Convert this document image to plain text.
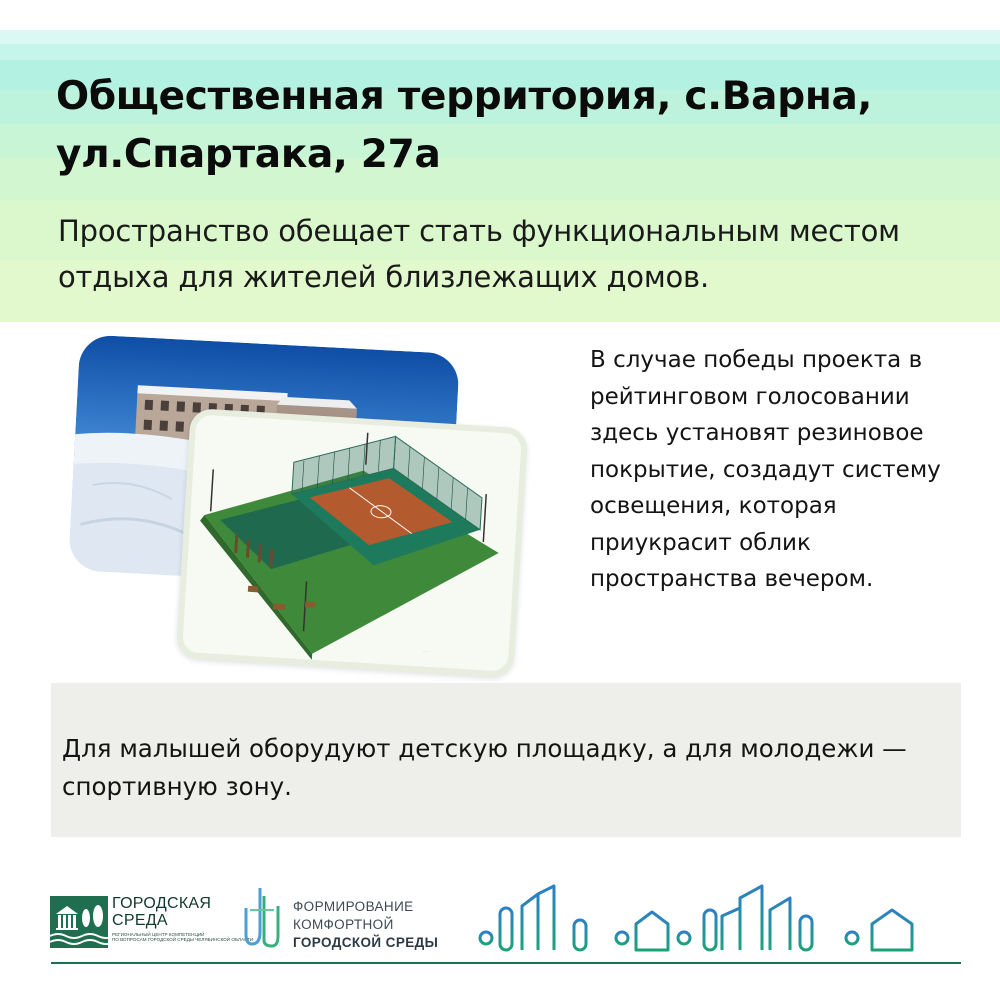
Общественная территория, с.Варна,
ул.Спартака, 27а

Пространство обещает стать функциональным местом
отдыха для жителей близлежащих домов.

· · ·

В случае победы проекта в
рейтинговом голосовании
здесь установят резиновое
покрытие, создадут систему
освещения, которая
приукрасит облик
пространства вечером.

Для малышей оборудуют детскую площадку, а для молодежи —
спортивную зону.

ГОРОДСКАЯ
СРЕДА
РЕГИОНАЛЬНЫЙ ЦЕНТР КОМПЕТЕНЦИЙ
ПО ВОПРОСАМ ГОРОДСКОЙ СРЕДЫ ЧЕЛЯБИНСКОЙ ОБЛАСТИ
ФОРМИРОВАНИЕ
КОМФОРТНОЙ
ГОРОДСКОЙ СРЕДЫ
